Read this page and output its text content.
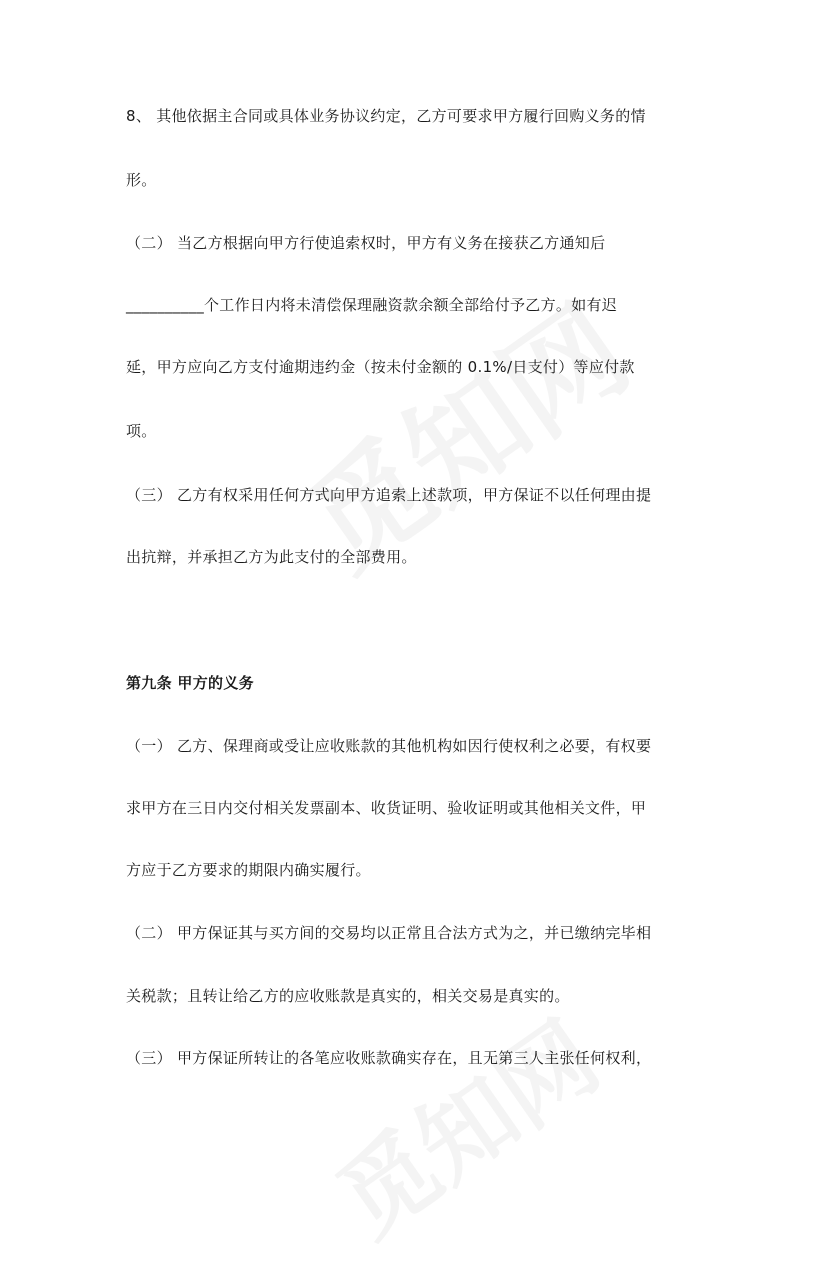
8、 其他依据主合同或具体业务协议约定，乙方可要求甲方履行回购义务的情
形。
（二） 当乙方根据向甲方行使追索权时，甲方有义务在接获乙方通知后
__________个工作日内将未清偿保理融资款余额全部给付予乙方。如有迟
延，甲方应向乙方支付逾期违约金（按未付金额的 0.1%/日支付）等应付款
项。
（三） 乙方有权采用任何方式向甲方追索上述款项，甲方保证不以任何理由提
出抗辩，并承担乙方为此支付的全部费用。
第九条 甲方的义务
（一） 乙方、保理商或受让应收账款的其他机构如因行使权利之必要，有权要
求甲方在三日内交付相关发票副本、收货证明、验收证明或其他相关文件，甲
方应于乙方要求的期限内确实履行。
（二） 甲方保证其与买方间的交易均以正常且合法方式为之，并已缴纳完毕相
关税款；且转让给乙方的应收账款是真实的，相关交易是真实的。
（三） 甲方保证所转让的各笔应收账款确实存在，且无第三人主张任何权利，
